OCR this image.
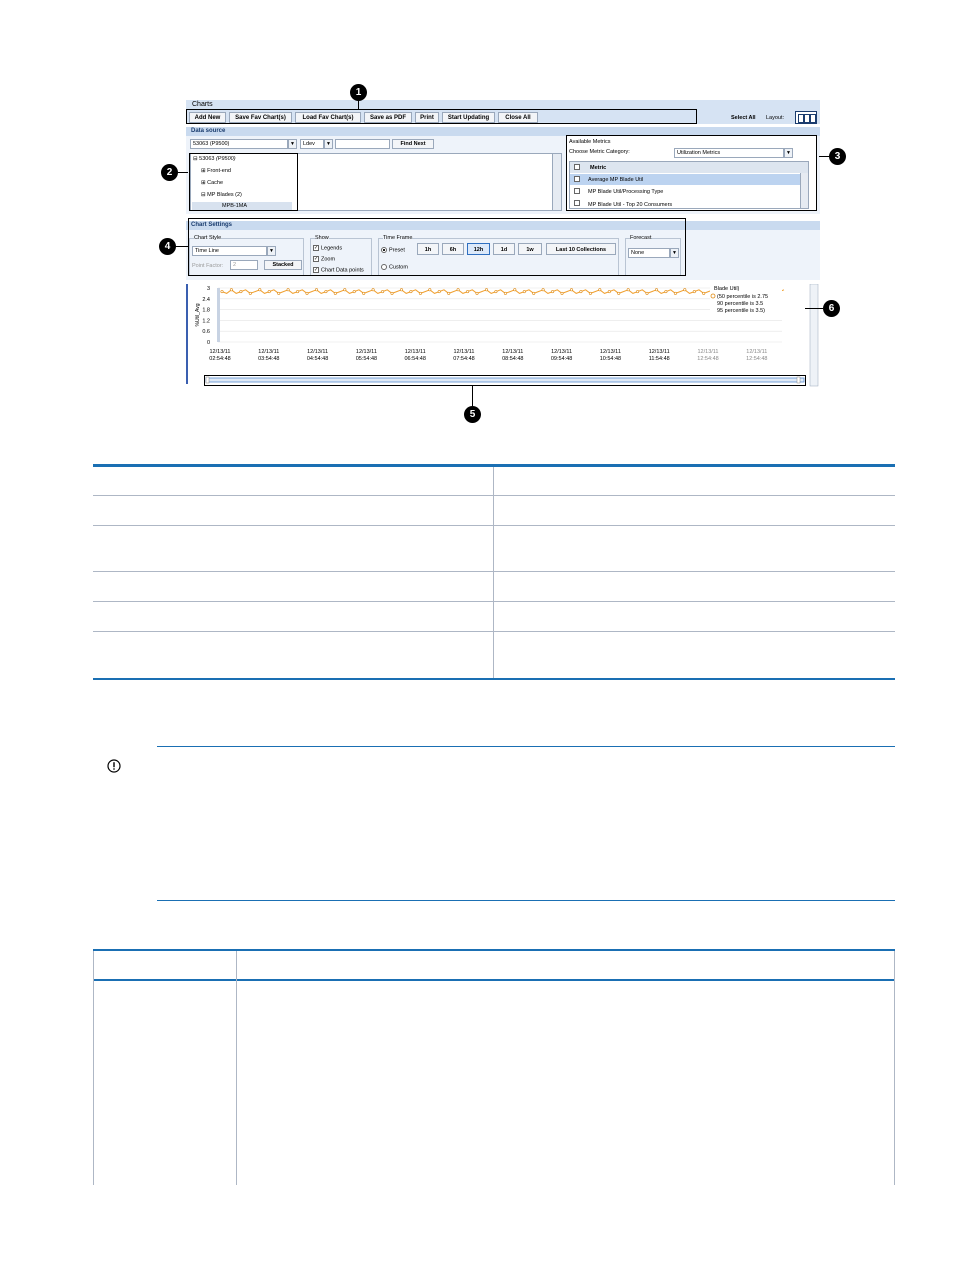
Charts
Add New	Save Fav Chart(s)	Load Fav Chart(s)	Save as PDF	Print	Start Updating	Close All	Select All Layout:
Data source
53063 (P9500)	▼	Ldev	▼	Find Next
⊟ 53063 (P9500)
⊞ Front-end
⊞ Cache
⊟ MP Blades (2)
MPB-1MA
Available Metrics
Choose Metric Category:	Utilization Metrics	▼
Metric
Average MP Blade Util
MP Blade Util/Processing Type
MP Blade Util - Top 20 Consumers
Chart Settings
Chart Style
Time Line	▼
Point Factor:	2	Stacked
Show
✓ Legends
✓ Zoom
✓ Chart Data points
Time Frame
Preset
Custom
Forecast
None	▼
1h	6h	12h	1d	1w	Last 10 Collections
3
2.4
1.8
1.2
0.6
0
%Util_Avg
12/13/11
02:54:48
12/13/11
03:54:48
12/13/11
04:54:48
12/13/11
05:54:48
12/13/11
06:54:48
12/13/11
07:54:48
12/13/11
08:54:48
12/13/11
09:54:48
12/13/11
10:54:48
12/13/11
11:54:48
12/13/11
12:54:48
12/13/11
12:54:48
Blade Util)
(50 percentile is 2.75
90 percentile is 3.5
95 percentile is 3.5)
1
2
3
4
5
6
